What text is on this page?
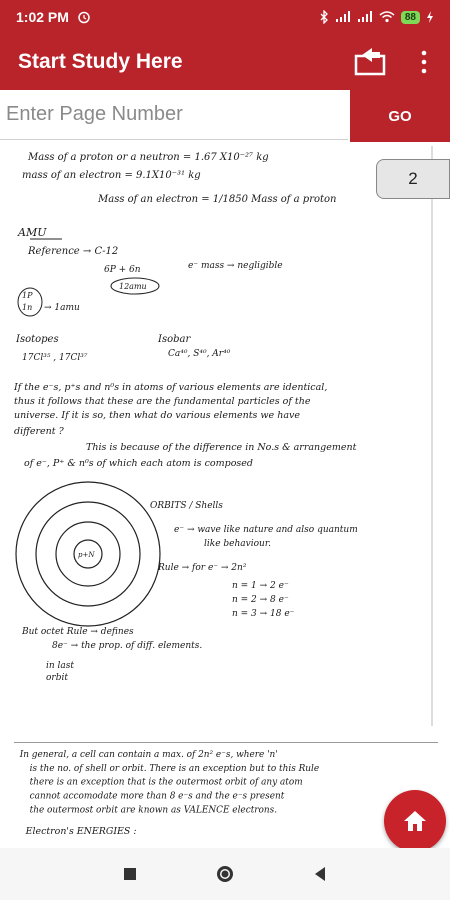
1:02 PM	88
Start Study Here
Enter Page Number
GO
Mass of a proton or a neutron = 1.67 X10⁻²⁷ kg
mass of an electron = 9.1X10⁻³¹ kg
Mass of an electron = 1/1850 Mass of a proton
AMU
Reference → C-12
6P + 6n
12amu
e⁻ mass → negligible
1P
1n → 1amu
Isotopes
17Cl³⁵ , 17Cl³⁷
Isobar
Ca⁴⁰, S⁴⁰, Ar⁴⁰
If the e⁻s, p⁺s and n⁰s in atoms of various elements are identical,
thus it follows that these are the fundamental particles of the
universe. If it is so, then what do various elements we have
different ?
This is because of the difference in No.s & arrangement
of e⁻, P⁺ & n⁰s of which each atom is composed
p+N
ORBITS / Shells
e⁻ → wave like nature and also quantum
like behaviour.
Rule → for e⁻ → 2n²
n = 1 → 2 e⁻
n = 2 → 8 e⁻
n = 3 → 18 e⁻
But octet Rule → defines
8e⁻ → the prop. of diff. elements.
in last
orbit
In general, a cell can contain a max. of 2n² e⁻s, where 'n'
is the no. of shell or orbit. There is an exception but to this Rule
there is an exception that is the outermost orbit of any atom
cannot accomodate more than 8 e⁻s and the e⁻s present
the outermost orbit are known as VALENCE electrons.
Electron's ENERGIES :
2
